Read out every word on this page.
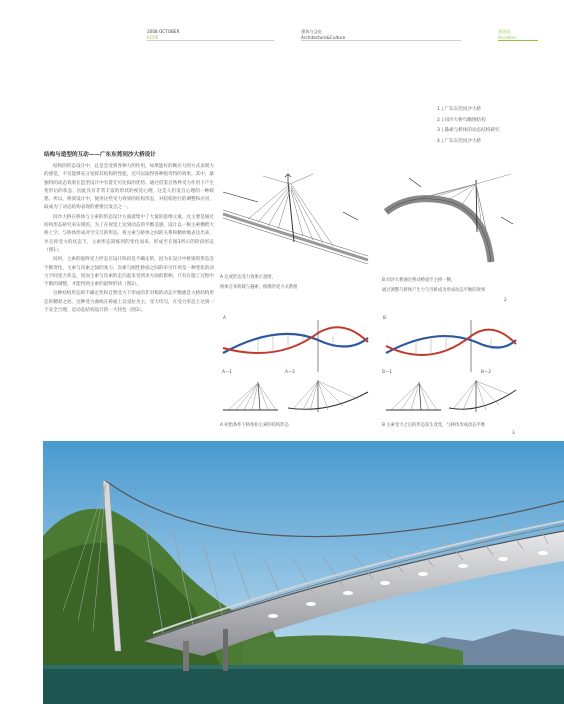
2008 OCTOBER
P.076
建筑与文化
Architecture&Culture
建筑馆
Accident
1 | 广东东莞同沙大桥
2 | 同沙大桥鸟瞰图结构
3 | 悬索与桥体的动态结构研究
4 | 广东东莞同沙大桥
结构与造型的互动——广东东莞同沙大桥设计

结构的形态设计中，总是会受到各种力的作用，如果能好的顺应力的方式表现力的感觉，不仅能够充分发挥其结构的性能，还可以取得各种很奇特的效果。其中，最独特的动态效果在造型设计中有着无可比拟的优势。通过借鉴自然界受力作用下产生变形后的状态，因此具有非常丰富的形状的视觉心理，这是人们发自心理的一种联想。所以，桥梁设计中，使用这些受力效果的结构形态，对结构进行的调整和应用，取成为了动态结构表现的重要出发点之一。

同沙大桥在桥体与主索的形态设计方面就集中了大量的思维元素，这主要是通过结构形态研究来实现的。为了在视觉上达到动态的平衡美感，设计以一根主索横跨大桥上空，与桥体形成对空交互的形态。将主索与桥体之间的关系和精妙地表达出来，并且将受力的状态下，主索形态简练到的变化而来，形成至在图3所示的阶段形态（图1）。

同时，主索的最终受力形态在设计阶段是不确定的，因为在设计中桥梁的形态会不断变化，主索与次索之间的张力，次索与刚性桥面之间的牵引作用是一种变化的动力空间受力状态，因而主索与次索的走向起来受到多方面的影响，只有在施工过程中不断的调整，才能得到主索的最终形状（图2）。

这种结构形态的不确定性和自然受力下形成的非对称的动态平衡感是大桥结构形态的精彩之处。这种受力曲线在桥面上以受拉为主，受力均匀，在受力形态上达到一个安全合理、是动态结构设计的一大特色（图3）。

A 完成形态受力效果示意图，
桥体自身荷载与悬索、桥塔的受力关系图
B 同沙大桥通过桥动桥面至主桥一侧，
通过调整与桥体产生力与引桥成为形成动态平衡的效果
2
A
A—1	A—2
A 初始条件下桥体和主索的结构形态
B
B—1	B—2
B 主索受力之后的形态发生改变，与桥体形成动态平衡
3
